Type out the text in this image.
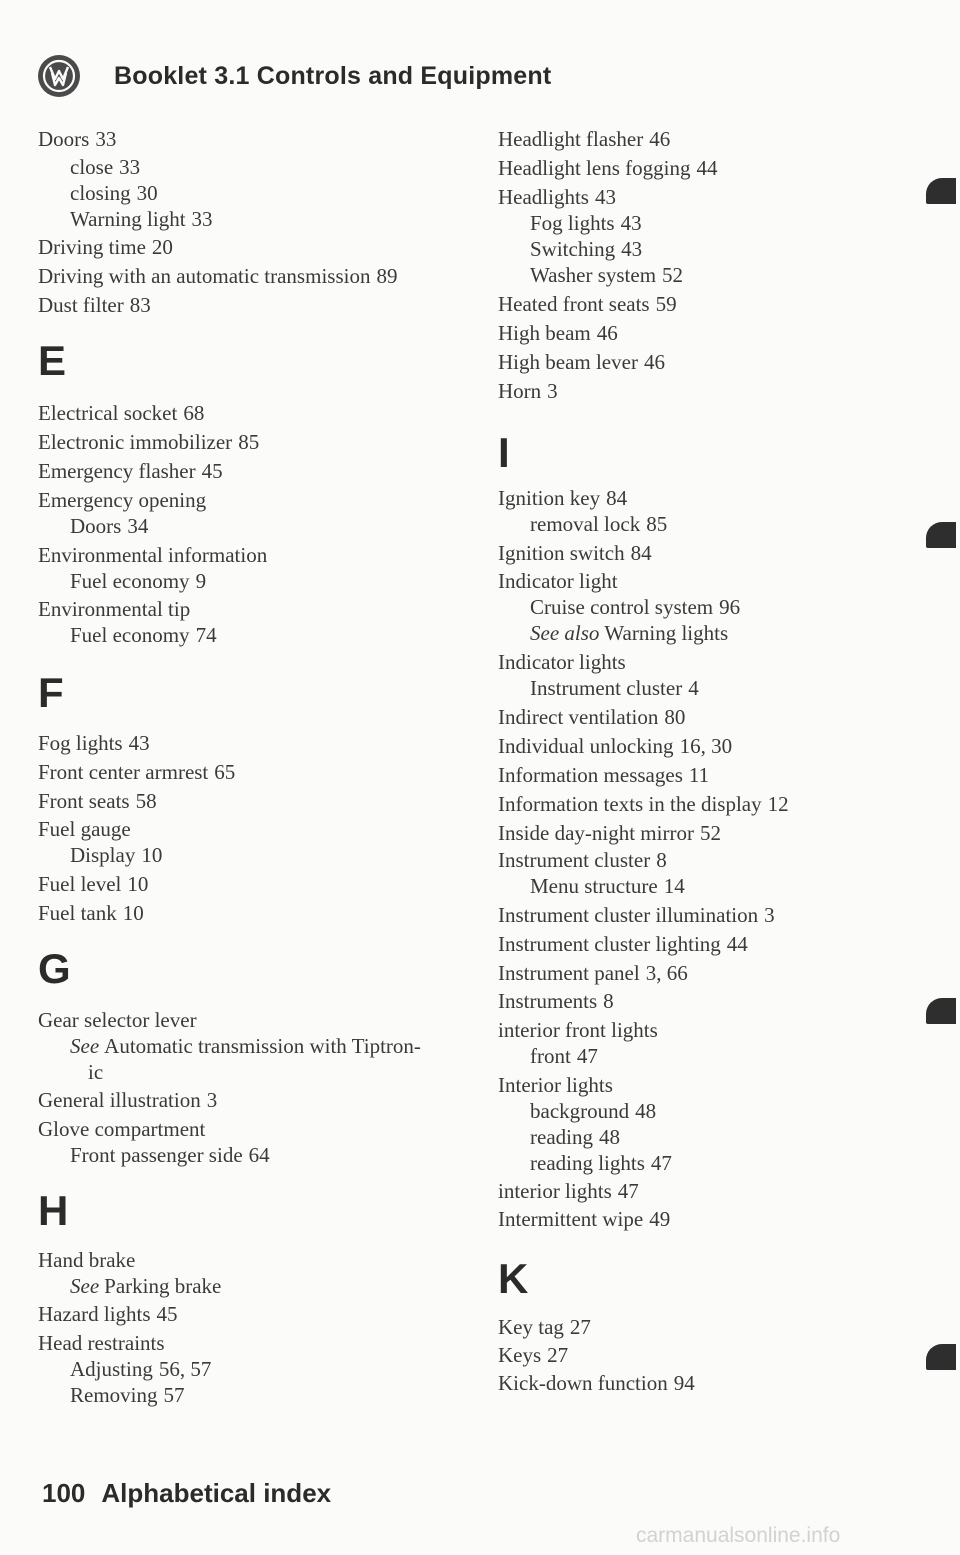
Booklet 3.1 Controls and Equipment
Doors 33
close 33
closing 30
Warning light 33
Driving time 20
Driving with an automatic transmission 89
Dust filter 83
E
Electrical socket 68
Electronic immobilizer 85
Emergency flasher 45
Emergency opening
Doors 34
Environmental information
Fuel economy 9
Environmental tip
Fuel economy 74
F
Fog lights 43
Front center armrest 65
Front seats 58
Fuel gauge
Display 10
Fuel level 10
Fuel tank 10
G
Gear selector lever
See Automatic transmission with Tiptron-
ic
General illustration 3
Glove compartment
Front passenger side 64
H
Hand brake
See Parking brake
Hazard lights 45
Head restraints
Adjusting 56, 57
Removing 57
Headlight flasher 46
Headlight lens fogging 44
Headlights 43
Fog lights 43
Switching 43
Washer system 52
Heated front seats 59
High beam 46
High beam lever 46
Horn 3
I
Ignition key 84
removal lock 85
Ignition switch 84
Indicator light
Cruise control system 96
See also Warning lights
Indicator lights
Instrument cluster 4
Indirect ventilation 80
Individual unlocking 16, 30
Information messages 11
Information texts in the display 12
Inside day-night mirror 52
Instrument cluster 8
Menu structure 14
Instrument cluster illumination 3
Instrument cluster lighting 44
Instrument panel 3, 66
Instruments 8
interior front lights
front 47
Interior lights
background 48
reading 48
reading lights 47
interior lights 47
Intermittent wipe 49
K
Key tag 27
Keys 27
Kick-down function 94
100 Alphabetical index
carmanualsonline.info
